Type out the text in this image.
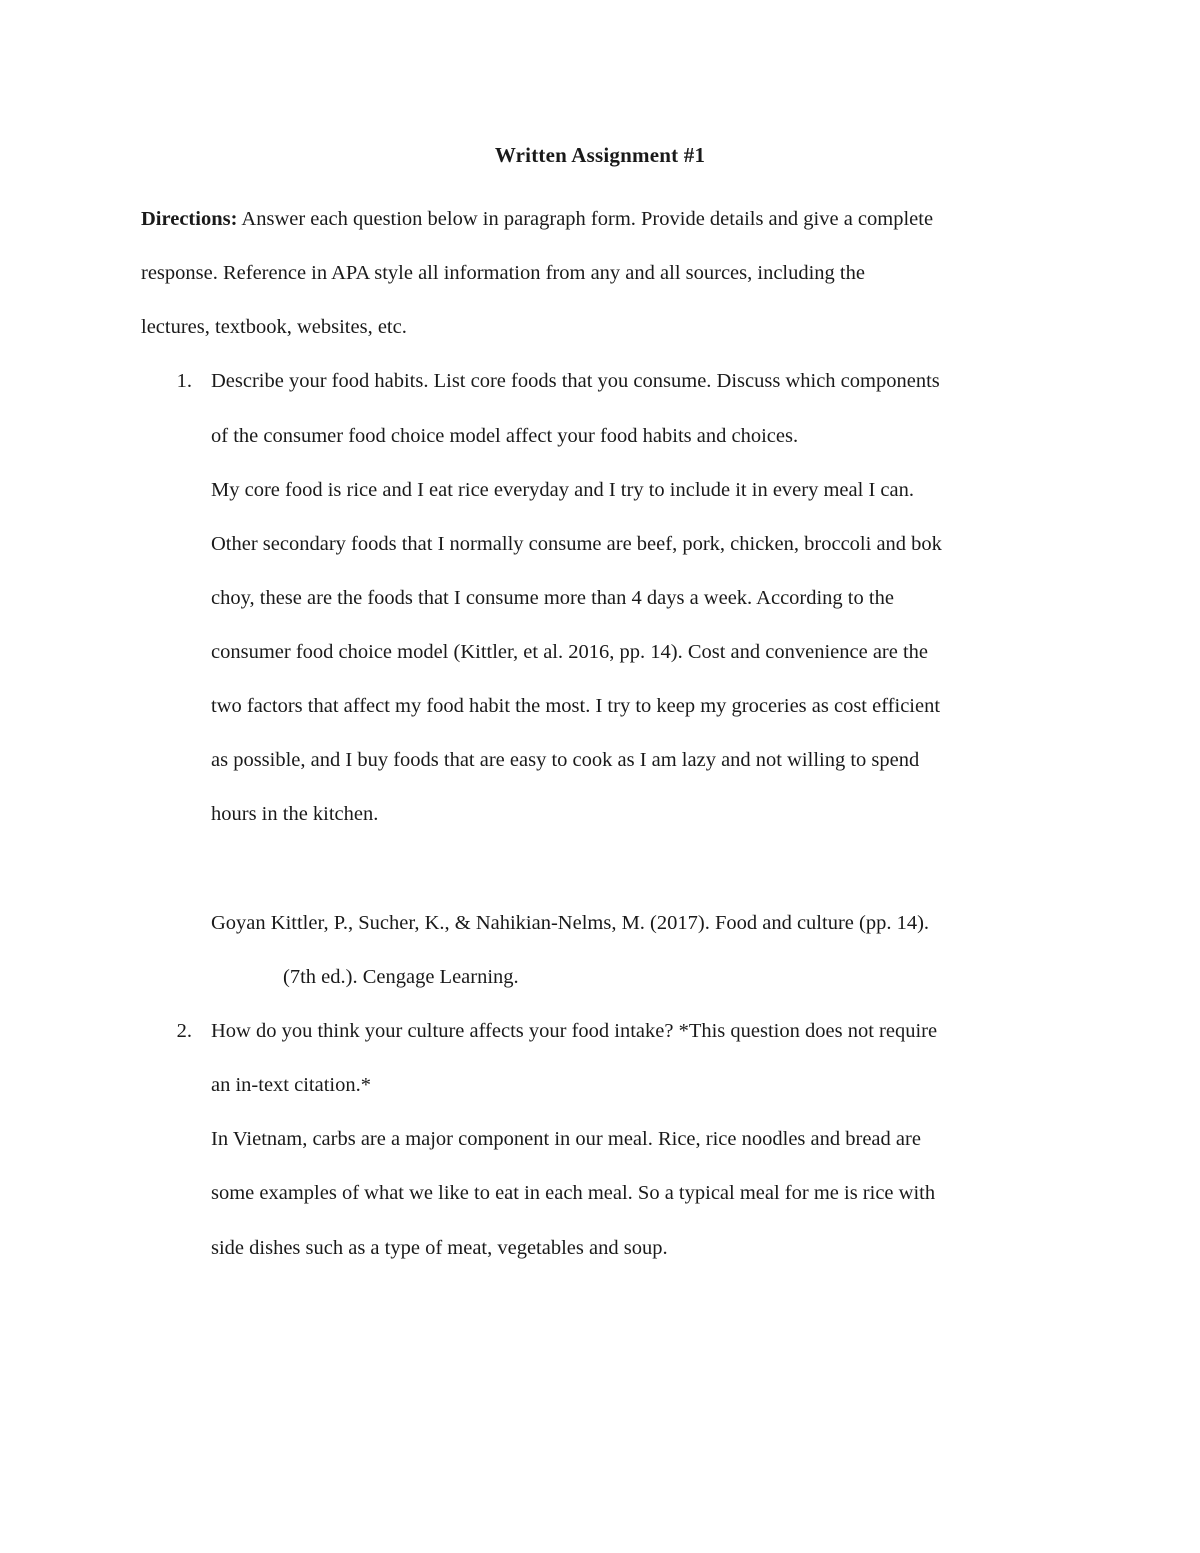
Written Assignment #1
Directions: Answer each question below in paragraph form. Provide details and give a complete
response. Reference in APA style all information from any and all sources, including the
lectures, textbook, websites, etc.
1. Describe your food habits. List core foods that you consume. Discuss which components
of the consumer food choice model affect your food habits and choices.
My core food is rice and I eat rice everyday and I try to include it in every meal I can.
Other secondary foods that I normally consume are beef, pork, chicken, broccoli and bok
choy, these are the foods that I consume more than 4 days a week. According to the
consumer food choice model (Kittler, et al. 2016, pp. 14). Cost and convenience are the
two factors that affect my food habit the most. I try to keep my groceries as cost efficient
as possible, and I buy foods that are easy to cook as I am lazy and not willing to spend
hours in the kitchen.
Goyan Kittler, P., Sucher, K., & Nahikian-Nelms, M. (2017). Food and culture (pp. 14).
(7th ed.). Cengage Learning.
2. How do you think your culture affects your food intake? *This question does not require
an in-text citation.*
In Vietnam, carbs are a major component in our meal. Rice, rice noodles and bread are
some examples of what we like to eat in each meal. So a typical meal for me is rice with
side dishes such as a type of meat, vegetables and soup.
